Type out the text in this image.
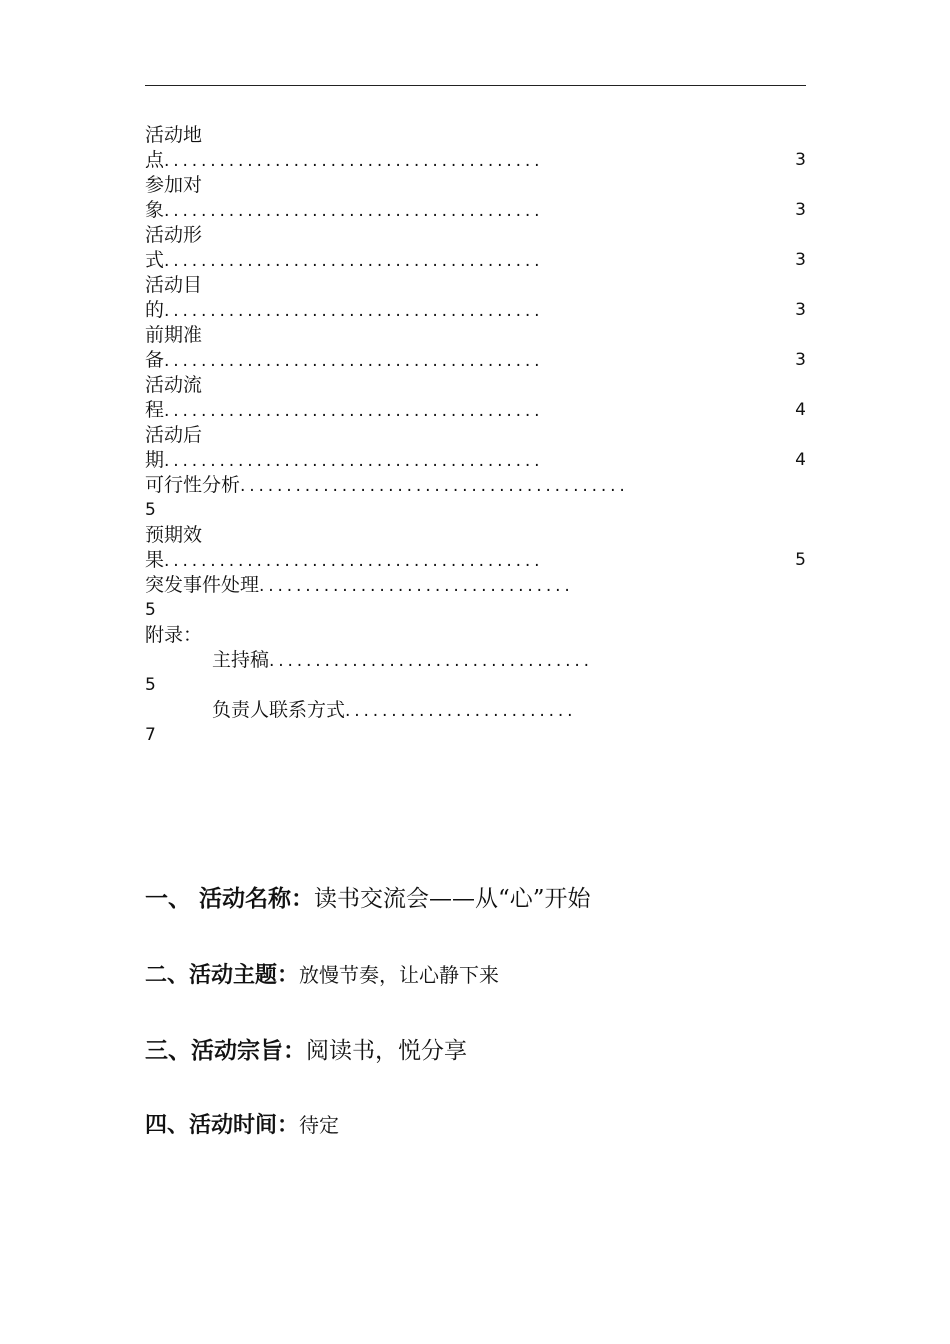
活动地
点.........................................	3
参加对
象.........................................	3
活动形
式.........................................	3
活动目
的.........................................	3
前期准
备.........................................	3
活动流
程.........................................	4
活动后
期.........................................	4
可行性分析..........................................
5
预期效
果.........................................	5
突发事件处理..................................
5
附录：
主持稿...................................
5
负责人联系方式.........................
7
一、 活动名称：读书交流会——从“心”开始
二、活动主题：放慢节奏，让心静下来
三、活动宗旨：阅读书，悦分享
四、活动时间：待定
